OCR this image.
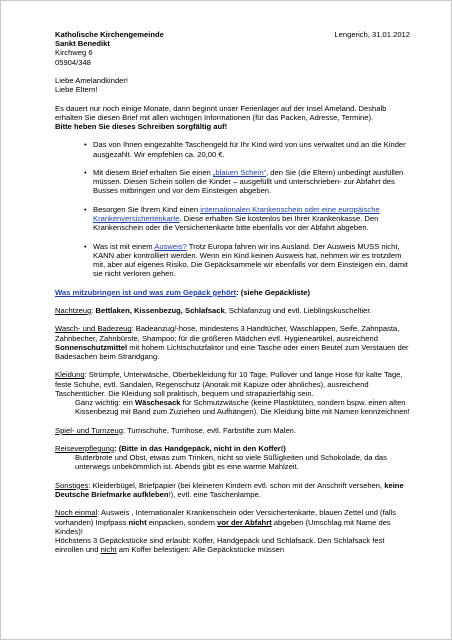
Katholische Kirchengemeinde	Lengerich, 31.01.2012

Sankt Benedikt

Kirchweg 6

05904/348

Liebe Amelandkinder!

Liebe Eltern!

Es dauert nur noch einige Monate, dann beginnt unser Ferienlager auf der Insel Ameland. Deshalb erhalten Sie diesen Brief mit allen wichtigen Informationen (für das Packen, Adresse, Termine).
Bitte heben Sie dieses Schreiben sorgfältig auf!

• Das von Ihnen eingezahlte Taschengeld für Ihr Kind wird von uns verwaltet und an die Kinder ausgezahlt. Wir empfehlen ca. 20,00 €.
• Mit diesem Brief erhalten Sie einen „blauen Schein“, den Sie (die Eltern) unbedingt ausfüllen müssen. Diesen Schein sollen die Kinder – ausgefüllt und unterschrieben- zur Abfahrt des Busses mitbringen und vor dem Einsteigen abgeben.
• Besorgen Sie Ihrem Kind einen internationalen Krankenschein oder eine europäische Krankenversichertenkarte. Diese erhalten Sie kostenlos bei Ihrer Krankenkasse. Den Krankenschein oder die Versichertenkarte bitte ebenfalls vor der Abfahrt abgeben.
• Was ist mit einem Ausweis? Trotz Europa fahren wir ins Ausland. Der Ausweis MUSS nicht, KANN aber kontrolliert werden. Wenn ein Kind keinen Ausweis hat, nehmen wir es trotzdem mit, aber auf eigenes Risiko. Die Gepäcksammele wir ebenfalls vor dem Einsteigen ein, damit sie nicht verloren gehen.

Was mitzubringen ist und was zum Gepäck gehört: (siehe Gepäckliste)

Nachtzeug: Bettlaken, Kissenbezug, Schlafsack, Schlafanzug und evtl. Lieblingskuscheltier.

Wasch- und Badezeug: Badeanzug/-hose, mindestens 3 Handtücher, Waschlappen, Seife, Zahnpasta, Zahnbecher, Zahnbürste, Shampoo; für die größeren Mädchen evtl. Hygieneartikel, ausreichend Sonnenschutzmittel mit hohem Lichtschutzfaktor und eine Tasche oder einen Beutel zum Verstauen der Badesachen beim Strandgang.

Kleidung: Strümpfe, Unterwäsche, Oberbekleidung für 10 Tage, Pullover und lange Hose für kalte Tage, feste Schuhe, evtl. Sandalen, Regenschutz (Anorak mit Kapuze oder ähnliches), ausreichend Taschentücher. Die Kleidung soll praktisch, bequem und strapazierfähig sein.

Ganz wichtig: ein Wäschesack für Schmutzwäsche (keine Plastiktüten, sondern bspw. einen alten Kissenbezug mit Band zum Zuziehen und Aufhängen). Die Kleidung bitte mit Namen kennzeichnen!

Spiel- und Turnzeug: Turnschuhe, Turnhose, evtl. Farbstifte zum Malen.

Reiseverpflegung: (Bitte in das Handgepäck, nicht in den Koffer!)

Butterbrote und Obst, etwas zum Trinken, nicht so viele Süßigkeiten und Schokolade, da das unterwegs unbekömmlich ist. Abends gibt es eine warme Mahlzeit.

Sonstiges: Kleiderbügel, Briefpapier (bei kleineren Kindern evtl. schon mit der Anschrift versehen, keine Deutsche Briefmarke aufkleben!), evtl. eine Taschenlampe.

Noch einmal: Ausweis , Internationaler Krankenschein oder Versichertenkarte, blauen Zettel und (falls vorhanden) Impfpass nicht einpacken, sondern vor der Abfahrt abgeben (Umschlag mit Name des Kindes)!
Höchstens 3 Gepäckstücke sind erlaubt: Koffer, Handgepäck und Schlafsack. Den Schlafsack fest einrollen und nicht am Koffer befestigen: Alle Gepäckstücke müssen
